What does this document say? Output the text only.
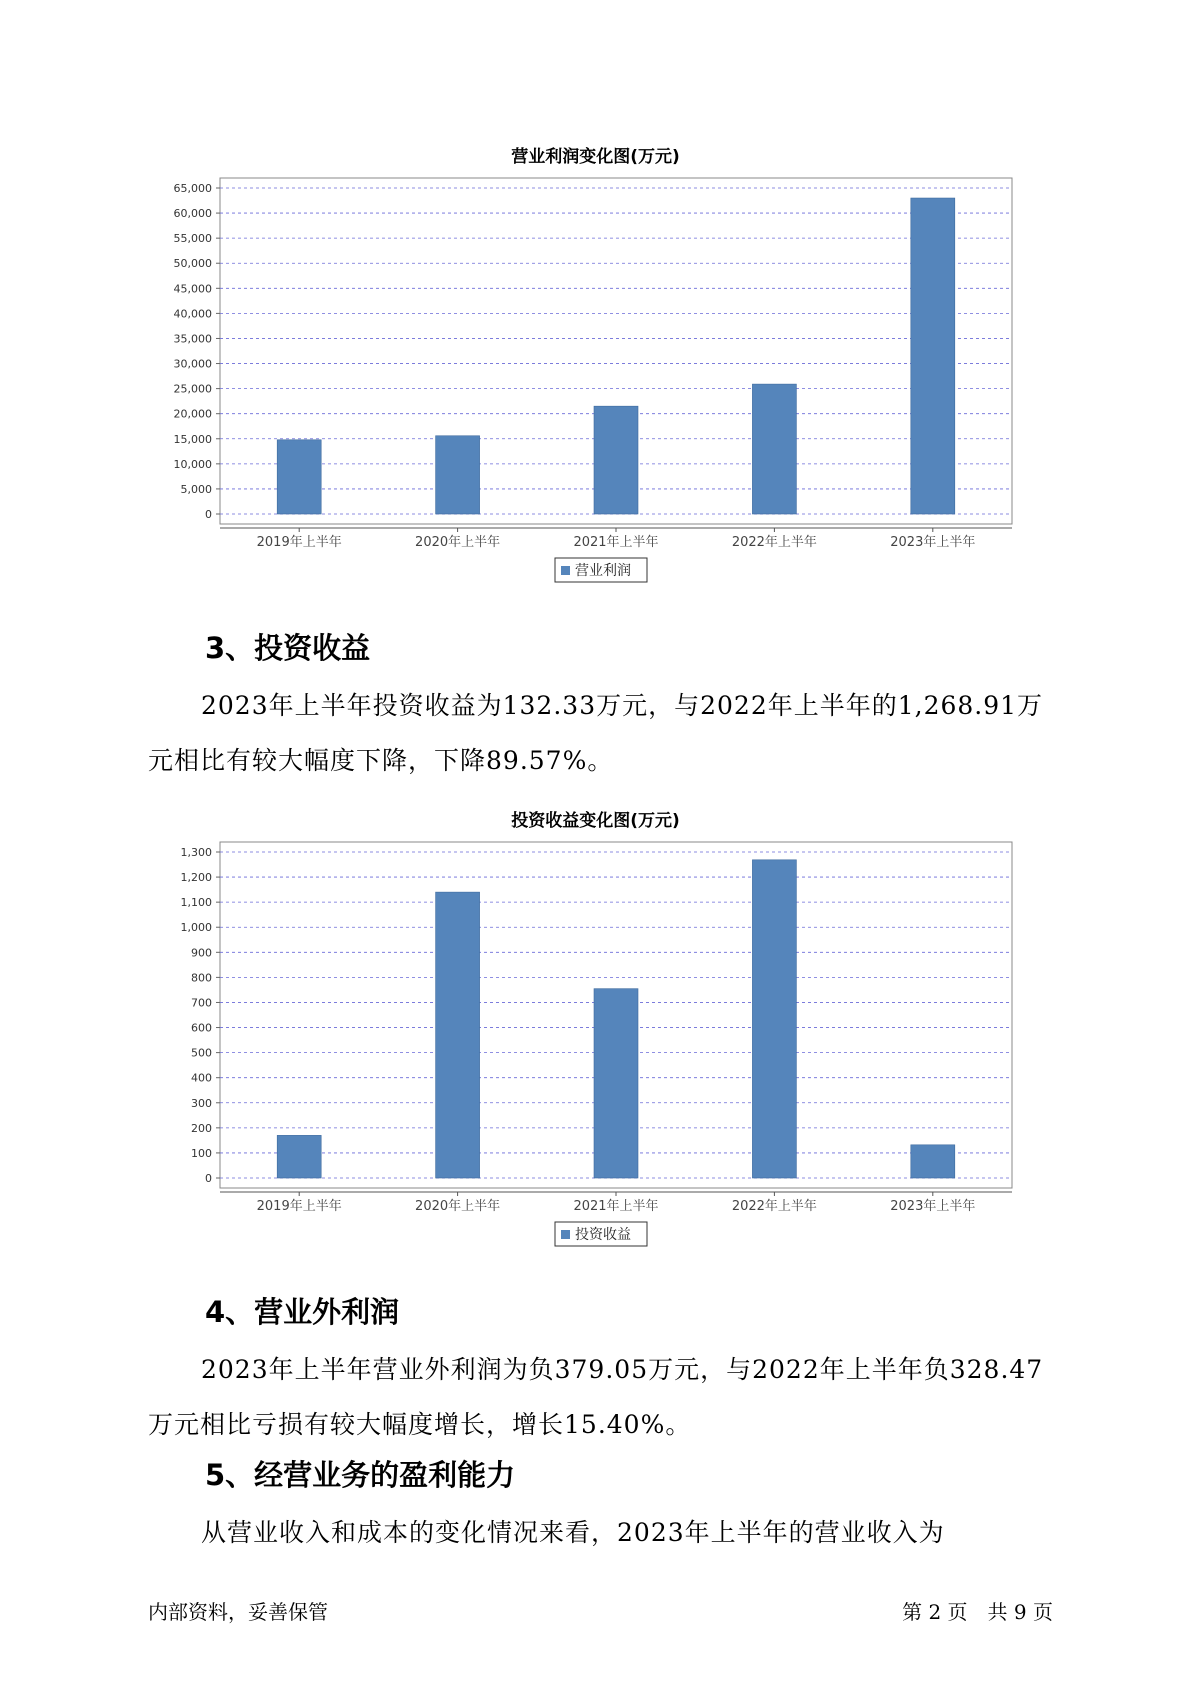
营业利润变化图(万元)
0
5,000
10,000
15,000
20,000
25,000
30,000
35,000
40,000
45,000
50,000
55,000
60,000
65,000
2019年上半年	2020年上半年	2021年上半年	2022年上半年	2023年上半年
营业利润
3、投资收益
2023年上半年投资收益为132.33万元，与2022年上半年的1,268.91万
元相比有较大幅度下降，下降89.57%。
投资收益变化图(万元)
0
100
200
300
400
500
600
700
800
900
1,000
1,100
1,200
1,300
2019年上半年	2020年上半年	2021年上半年	2022年上半年	2023年上半年
投资收益
4、营业外利润
2023年上半年营业外利润为负379.05万元，与2022年上半年负328.47
万元相比亏损有较大幅度增长，增长15.40%。
5、经营业务的盈利能力
从营业收入和成本的变化情况来看，2023年上半年的营业收入为
内部资料，妥善保管	第 2 页　共 9 页
